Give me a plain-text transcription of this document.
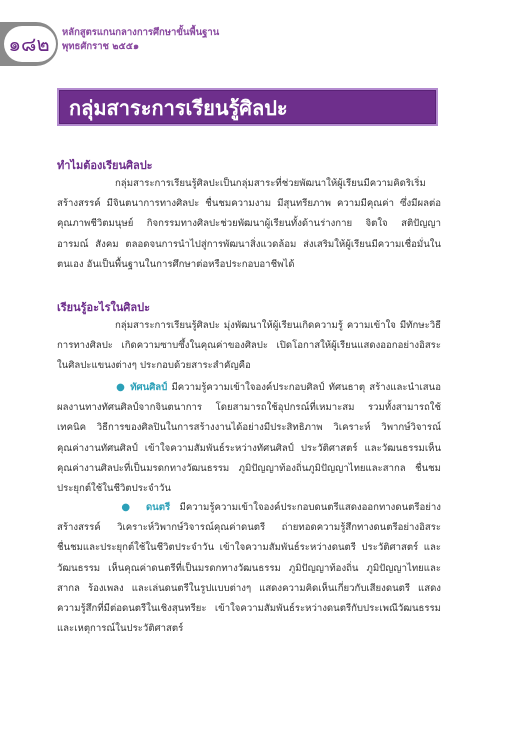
๑๘๒	หลักสูตรแกนกลางการศึกษาขั้นพื้นฐาน
พุทธศักราช ๒๕๕๑
กลุ่มสาระการเรียนรู้ศิลปะ
ทำไมต้องเรียนศิลปะ
กลุ่มสาระการเรียนรู้ศิลปะเป็นกลุ่มสาระที่ช่วยพัฒนาให้ผู้เรียนมีความคิดริเริ่ม สร้างสรรค์ มีจินตนาการทางศิลปะ ชื่นชมความงาม มีสุนทรียภาพ ความมีคุณค่า ซึ่งมีผลต่อคุณภาพชีวิตมนุษย์ กิจกรรมทางศิลปะช่วยพัฒนาผู้เรียนทั้งด้านร่างกาย จิตใจ สติปัญญา อารมณ์ สังคม ตลอดจนการนำไปสู่การพัฒนาสิ่งแวดล้อม ส่งเสริมให้ผู้เรียนมีความเชื่อมั่นในตนเอง อันเป็นพื้นฐานในการศึกษาต่อหรือประกอบอาชีพได้
เรียนรู้อะไรในศิลปะ
กลุ่มสาระการเรียนรู้ศิลปะ มุ่งพัฒนาให้ผู้เรียนเกิดความรู้ ความเข้าใจ มีทักษะวิธีการทางศิลปะ เกิดความซาบซึ้งในคุณค่าของศิลปะ เปิดโอกาสให้ผู้เรียนแสดงออกอย่างอิสระในศิลปะแขนงต่างๆ ประกอบด้วยสาระสำคัญคือ
● ทัศนศิลป์ มีความรู้ความเข้าใจองค์ประกอบศิลป์ ทัศนธาตุ สร้างและนำเสนอผลงานทางทัศนศิลป์จากจินตนาการ โดยสามารถใช้อุปกรณ์ที่เหมาะสม รวมทั้งสามารถใช้เทคนิค วิธีการของศิลปินในการสร้างงานได้อย่างมีประสิทธิภาพ วิเคราะห์ วิพากษ์วิจารณ์คุณค่างานทัศนศิลป์ เข้าใจความสัมพันธ์ระหว่างทัศนศิลป์ ประวัติศาสตร์ และวัฒนธรรมเห็นคุณค่างานศิลปะที่เป็นมรดกทางวัฒนธรรม ภูมิปัญญาท้องถิ่นภูมิปัญญาไทยและสากล ชื่นชม ประยุกต์ใช้ในชีวิตประจำวัน
● ดนตรี มีความรู้ความเข้าใจองค์ประกอบดนตรีแสดงออกทางดนตรีอย่างสร้างสรรค์ วิเคราะห์วิพากษ์วิจารณ์คุณค่าดนตรี ถ่ายทอดความรู้สึกทางดนตรีอย่างอิสระ ชื่นชมและประยุกต์ใช้ในชีวิตประจำวัน เข้าใจความสัมพันธ์ระหว่างดนตรี ประวัติศาสตร์ และวัฒนธรรม เห็นคุณค่าดนตรีที่เป็นมรดกทางวัฒนธรรม ภูมิปัญญาท้องถิ่น ภูมิปัญญาไทยและสากล ร้องเพลง และเล่นดนตรีในรูปแบบต่างๆ แสดงความคิดเห็นเกี่ยวกับเสียงดนตรี แสดงความรู้สึกที่มีต่อดนตรีในเชิงสุนทรียะ เข้าใจความสัมพันธ์ระหว่างดนตรีกับประเพณีวัฒนธรรม และเหตุการณ์ในประวัติศาสตร์
